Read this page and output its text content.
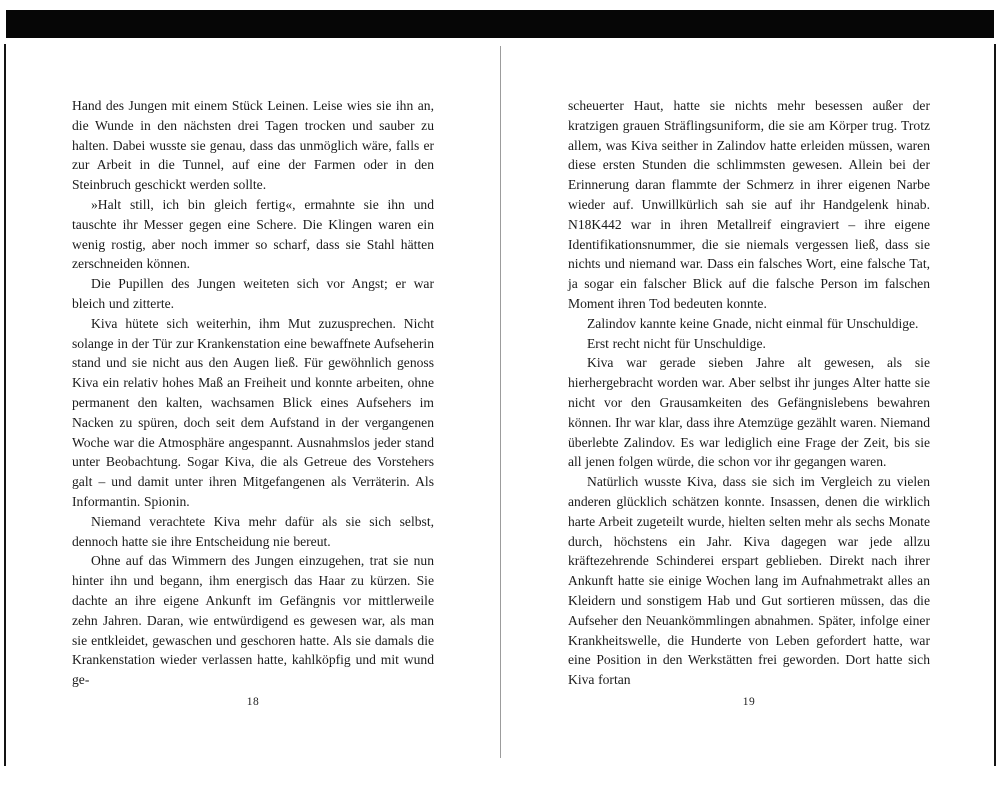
Hand des Jungen mit einem Stück Leinen. Leise wies sie ihn an, die Wunde in den nächsten drei Tagen trocken und sauber zu halten. Dabei wusste sie genau, dass das unmöglich wäre, falls er zur Arbeit in die Tunnel, auf eine der Farmen oder in den Steinbruch geschickt werden sollte.

»Halt still, ich bin gleich fertig«, ermahnte sie ihn und tauschte ihr Messer gegen eine Schere. Die Klingen waren ein wenig rostig, aber noch immer so scharf, dass sie Stahl hätten zerschneiden können.

Die Pupillen des Jungen weiteten sich vor Angst; er war bleich und zitterte.

Kiva hütete sich weiterhin, ihm Mut zuzusprechen. Nicht solange in der Tür zur Krankenstation eine bewaffnete Aufseherin stand und sie nicht aus den Augen ließ. Für gewöhnlich genoss Kiva ein relativ hohes Maß an Freiheit und konnte arbeiten, ohne permanent den kalten, wachsamen Blick eines Aufsehers im Nacken zu spüren, doch seit dem Aufstand in der vergangenen Woche war die Atmosphäre angespannt. Ausnahmslos jeder stand unter Beobachtung. Sogar Kiva, die als Getreue des Vorstehers galt – und damit unter ihren Mitgefangenen als Verräterin. Als Informantin. Spionin.

Niemand verachtete Kiva mehr dafür als sie sich selbst, dennoch hatte sie ihre Entscheidung nie bereut.

Ohne auf das Wimmern des Jungen einzugehen, trat sie nun hinter ihn und begann, ihm energisch das Haar zu kürzen. Sie dachte an ihre eigene Ankunft im Gefängnis vor mittlerweile zehn Jahren. Daran, wie entwürdigend es gewesen war, als man sie entkleidet, gewaschen und geschoren hatte. Als sie damals die Krankenstation wieder verlassen hatte, kahlköpfig und mit wund ge-

18

scheuerter Haut, hatte sie nichts mehr besessen außer der kratzigen grauen Sträflingsuniform, die sie am Körper trug. Trotz allem, was Kiva seither in Zalindov hatte erleiden müssen, waren diese ersten Stunden die schlimmsten gewesen. Allein bei der Erinnerung daran flammte der Schmerz in ihrer eigenen Narbe wieder auf. Unwillkürlich sah sie auf ihr Handgelenk hinab. N18K442 war in ihren Metallreif eingraviert – ihre eigene Identifikationsnummer, die sie niemals vergessen ließ, dass sie nichts und niemand war. Dass ein falsches Wort, eine falsche Tat, ja sogar ein falscher Blick auf die falsche Person im falschen Moment ihren Tod bedeuten konnte.

Zalindov kannte keine Gnade, nicht einmal für Unschuldige.

Erst recht nicht für Unschuldige.

Kiva war gerade sieben Jahre alt gewesen, als sie hierhergebracht worden war. Aber selbst ihr junges Alter hatte sie nicht vor den Grausamkeiten des Gefängnislebens bewahren können. Ihr war klar, dass ihre Atemzüge gezählt waren. Niemand überlebte Zalindov. Es war lediglich eine Frage der Zeit, bis sie all jenen folgen würde, die schon vor ihr gegangen waren.

Natürlich wusste Kiva, dass sie sich im Vergleich zu vielen anderen glücklich schätzen konnte. Insassen, denen die wirklich harte Arbeit zugeteilt wurde, hielten selten mehr als sechs Monate durch, höchstens ein Jahr. Kiva dagegen war jede allzu kräftezehrende Schinderei erspart geblieben. Direkt nach ihrer Ankunft hatte sie einige Wochen lang im Aufnahmetrakt alles an Kleidern und sonstigem Hab und Gut sortieren müssen, das die Aufseher den Neuankömmlingen abnahmen. Später, infolge einer Krankheitswelle, die Hunderte von Leben gefordert hatte, war eine Position in den Werkstätten frei geworden. Dort hatte sich Kiva fortan

19
